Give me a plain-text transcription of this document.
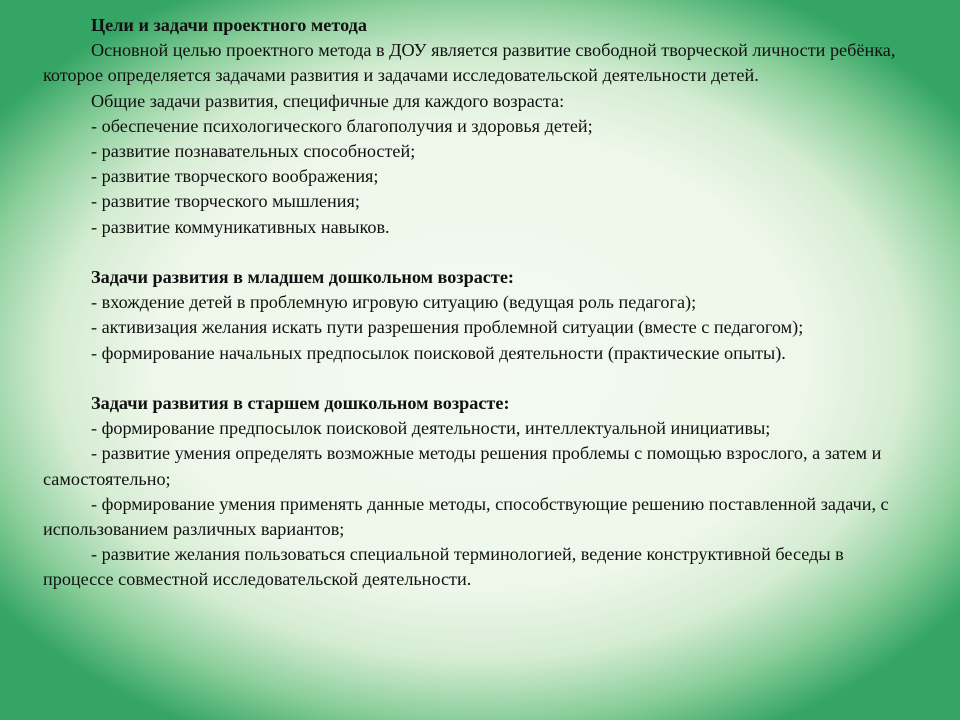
Цели и задачи проектного метода

Основной целью проектного метода в ДОУ является развитие свободной творческой личности ребёнка, которое определяется задачами развития и задачами исследовательской деятельности детей.

Общие задачи развития, специфичные для каждого возраста:

- обеспечение психологического благополучия и здоровья детей;

- развитие познавательных способностей;

- развитие творческого воображения;

- развитие творческого мышления;

- развитие коммуникативных навыков.

Задачи развития в младшем дошкольном возрасте:

- вхождение детей в проблемную игровую ситуацию (ведущая роль педагога);

- активизация желания искать пути разрешения проблемной ситуации (вместе с педагогом);

- формирование начальных предпосылок поисковой деятельности (практические опыты).

Задачи развития в старшем дошкольном возрасте:

- формирование предпосылок поисковой деятельности, интеллектуальной инициативы;

- развитие умения определять возможные методы решения проблемы с помощью взрослого, а затем и самостоятельно;

- формирование умения применять данные методы, способствующие решению поставленной задачи, с использованием различных вариантов;

- развитие желания пользоваться специальной терминологией, ведение конструктивной беседы в процессе совместной исследовательской деятельности.
